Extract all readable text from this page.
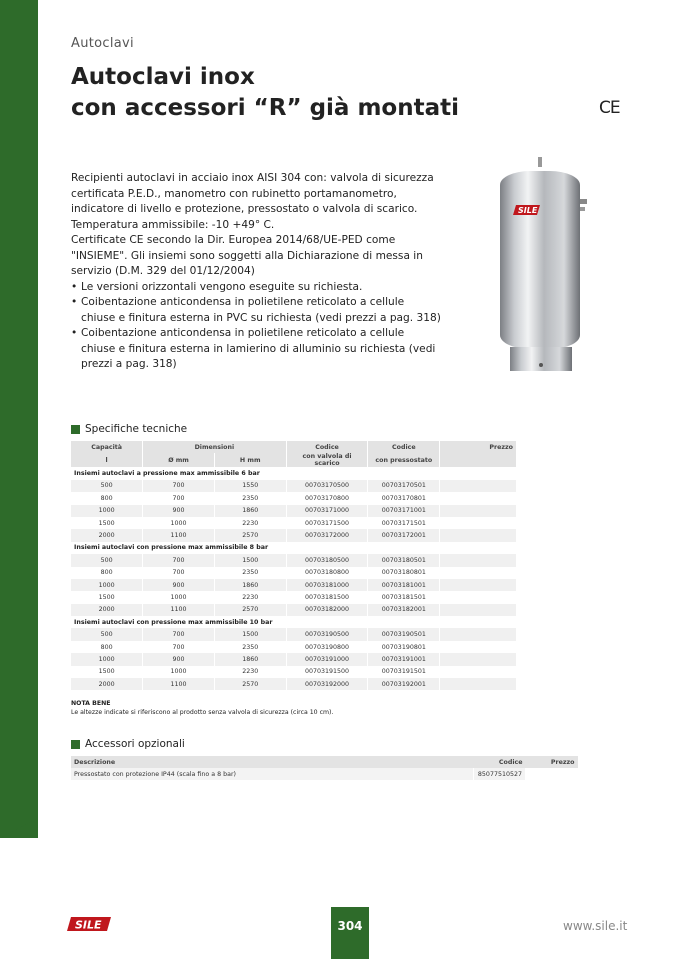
Autoclavi
Autoclavi inox
con accessori “R” già montati	CE

Recipienti autoclavi in acciaio inox AISI 304 con: valvola di sicurezza certificata P.E.D., manometro con rubinetto portamanometro, indicatore di livello e protezione, pressostato o valvola di scarico.

Temperatura ammissibile: -10 +49° C.

Certificate CE secondo la Dir. Europea 2014/68/UE-PED come "INSIEME". Gli insiemi sono soggetti alla Dichiarazione di messa in servizio (D.M. 329 del 01/12/2004)

• Le versioni orizzontali vengono eseguite su richiesta.

• Coibentazione anticondensa in polietilene reticolato a cellule chiuse e finitura esterna in PVC su richiesta (vedi prezzi a pag. 318)

• Coibentazione anticondensa in polietilene reticolato a cellule chiuse e finitura esterna in lamierino di alluminio su richiesta (vedi prezzi a pag. 318)

SILE
Specifiche tecniche
Capacità	Dimensioni		Codice	Codice	Prezzo
l	Ø mm	H mm	con valvola di scarico	con pressostato	
Insiemi autoclavi a pressione max ammissibile 6 bar					
500	700	1550	00703170500	00703170501	
800	700	2350	00703170800	00703170801	
1000	900	1860	00703171000	00703171001	
1500	1000	2230	00703171500	00703171501	
2000	1100	2570	00703172000	00703172001	
Insiemi autoclavi con pressione max ammissibile 8 bar					
500	700	1500	00703180500	00703180501	
800	700	2350	00703180800	00703180801	
1000	900	1860	00703181000	00703181001	
1500	1000	2230	00703181500	00703181501	
2000	1100	2570	00703182000	00703182001	
Insiemi autoclavi con pressione max ammissibile 10 bar					
500	700	1500	00703190500	00703190501	
800	700	2350	00703190800	00703190801	
1000	900	1860	00703191000	00703191001	
1500	1000	2230	00703191500	00703191501	
2000	1100	2570	00703192000	00703192001	
NOTA BENE
Le altezze indicate si riferiscono al prodotto senza valvola di sicurezza (circa 10 cm).
Accessori opzionali
Descrizione	Codice	Prezzo
Pressostato con protezione IP44 (scala fino a 8 bar)	85077510527	
SILE	304	www.sile.it
